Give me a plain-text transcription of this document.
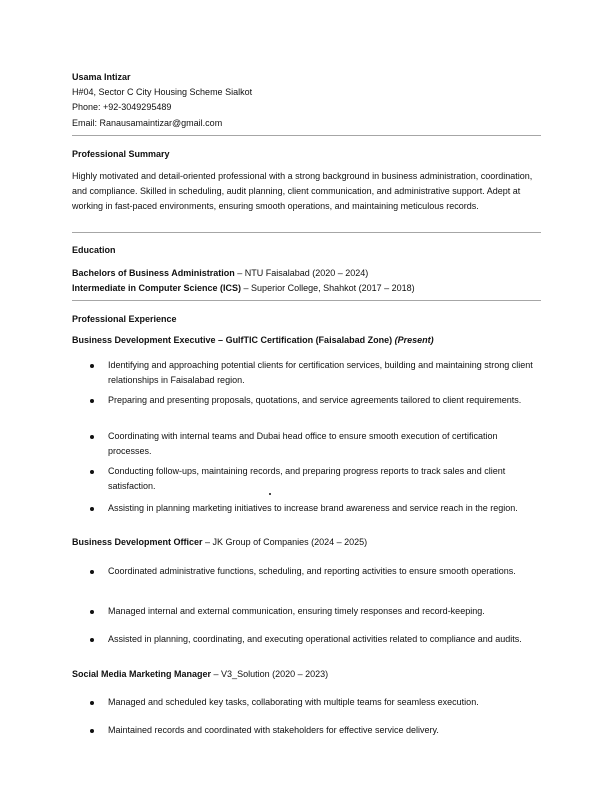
Usama Intizar
H#04, Sector C City Housing Scheme Sialkot
Phone: +92-3049295489
Email: Ranausamaintizar@gmail.com
Professional Summary
Highly motivated and detail-oriented professional with a strong background in business administration, coordination, and compliance. Skilled in scheduling, audit planning, client communication, and administrative support. Adept at working in fast-paced environments, ensuring smooth operations, and maintaining meticulous records.
Education
Bachelors of Business Administration – NTU Faisalabad (2020 – 2024)
Intermediate in Computer Science (ICS) – Superior College, Shahkot (2017 – 2018)
Professional Experience
Business Development Executive – GulfTIC Certification (Faisalabad Zone) (Present)
Identifying and approaching potential clients for certification services, building and maintaining strong client relationships in Faisalabad region.
Preparing and presenting proposals, quotations, and service agreements tailored to client requirements.
Coordinating with internal teams and Dubai head office to ensure smooth execution of certification processes.
Conducting follow-ups, maintaining records, and preparing progress reports to track sales and client satisfaction.
Assisting in planning marketing initiatives to increase brand awareness and service reach in the region.
Business Development Officer – JK Group of Companies (2024 – 2025)
Coordinated administrative functions, scheduling, and reporting activities to ensure smooth operations.
Managed internal and external communication, ensuring timely responses and record-keeping.
Assisted in planning, coordinating, and executing operational activities related to compliance and audits.
Social Media Marketing Manager – V3_Solution (2020 – 2023)
Managed and scheduled key tasks, collaborating with multiple teams for seamless execution.
Maintained records and coordinated with stakeholders for effective service delivery.
